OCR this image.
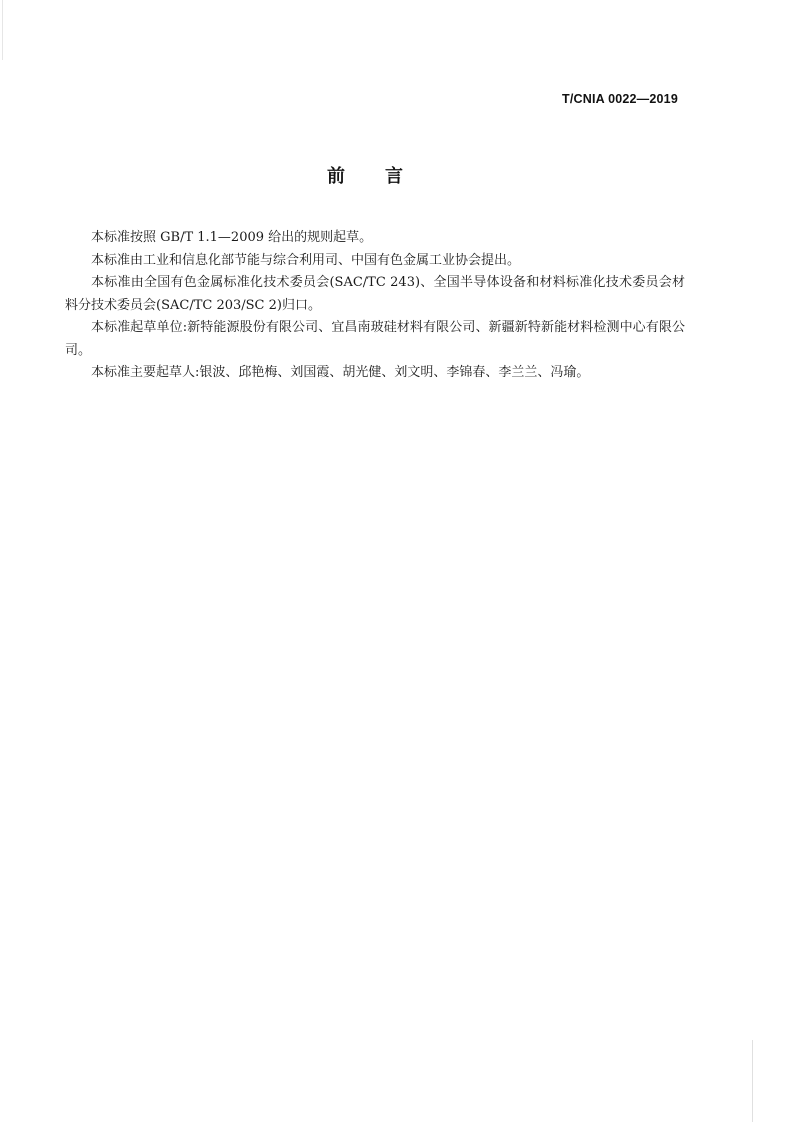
T/CNIA 0022—2019
前 言

本标准按照 GB/T 1.1—2009 给出的规则起草。

本标准由工业和信息化部节能与综合利用司、中国有色金属工业协会提出。

本标准由全国有色金属标准化技术委员会(SAC/TC 243)、全国半导体设备和材料标准化技术委员会材料分技术委员会(SAC/TC 203/SC 2)归口。

本标准起草单位:新特能源股份有限公司、宜昌南玻硅材料有限公司、新疆新特新能材料检测中心有限公司。

本标准主要起草人:银波、邱艳梅、刘国霞、胡光健、刘文明、李锦春、李兰兰、冯瑜。
